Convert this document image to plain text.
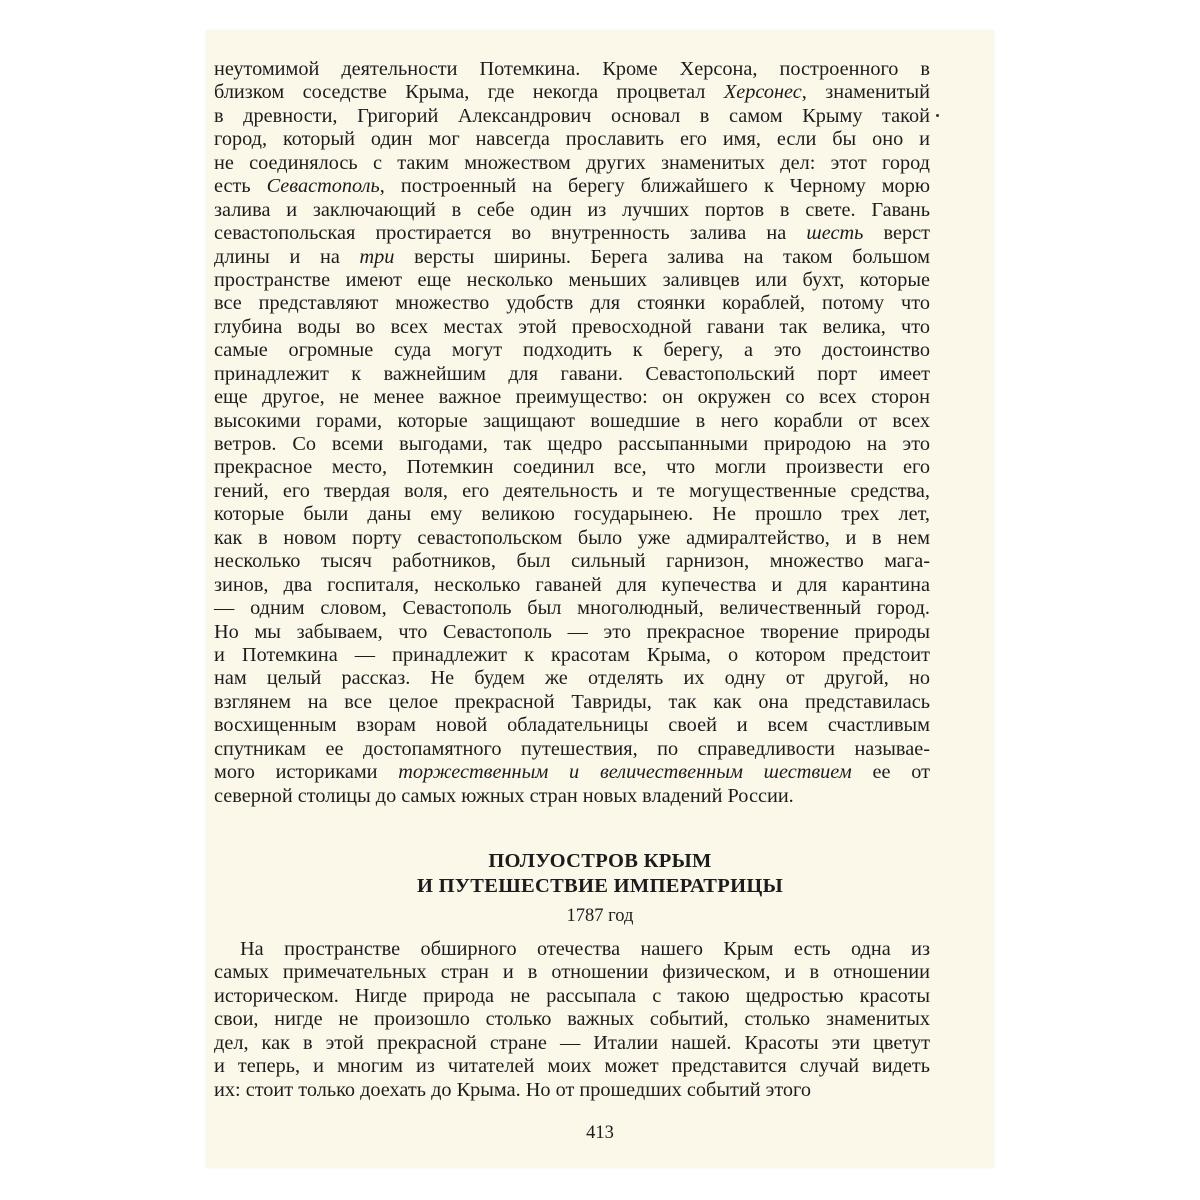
неутомимой деятельности Потемкина. Кроме Херсона, построенного в
близком соседстве Крыма, где некогда процветал Херсонес, знаменитый
в древности, Григорий Александрович основал в самом Крыму такой
город, который один мог навсегда прославить его имя, если бы оно и
не соединялось с таким множеством других знаменитых дел: этот город
есть Севастополь, построенный на берегу ближайшего к Черному морю
залива и заключающий в себе один из лучших портов в свете. Гавань
севастопольская простирается во внутренность залива на шесть верст
длины и на три версты ширины. Берега залива на таком большом
пространстве имеют еще несколько меньших заливцев или бухт, которые
все представляют множество удобств для стоянки кораблей, потому что
глубина воды во всех местах этой превосходной гавани так велика, что
самые огромные суда могут подходить к берегу, а это достоинство
принадлежит к важнейшим для гавани. Севастопольский порт имеет
еще другое, не менее важное преимущество: он окружен со всех сторон
высокими горами, которые защищают вошедшие в него корабли от всех
ветров. Со всеми выгодами, так щедро рассыпанными природою на это
прекрасное место, Потемкин соединил все, что могли произвести его
гений, его твердая воля, его деятельность и те могущественные средства,
которые были даны ему великою государынею. Не прошло трех лет,
как в новом порту севастопольском было уже адмиралтейство, и в нем
несколько тысяч работников, был сильный гарнизон, множество мага-
зинов, два госпиталя, несколько гаваней для купечества и для карантина
— одним словом, Севастополь был многолюдный, величественный город.
Но мы забываем, что Севастополь — это прекрасное творение природы
и Потемкина — принадлежит к красотам Крыма, о котором предстоит
нам целый рассказ. Не будем же отделять их одну от другой, но
взглянем на все целое прекрасной Тавриды, так как она представилась
восхищенным взорам новой обладательницы своей и всем счастливым
спутникам ее достопамятного путешествия, по справедливости называе-
мого историками торжественным и величественным шествием ее от
северной столицы до самых южных стран новых владений России.
ПОЛУОСТРОВ КРЫМ
И ПУТЕШЕСТВИЕ ИМПЕРАТРИЦЫ
1787 год
На пространстве обширного отечества нашего Крым есть одна из
самых примечательных стран и в отношении физическом, и в отношении
историческом. Нигде природа не рассыпала с такою щедростью красоты
свои, нигде не произошло столько важных событий, столько знаменитых
дел, как в этой прекрасной стране — Италии нашей. Красоты эти цветут
и теперь, и многим из читателей моих может представится случай видеть
их: стоит только доехать до Крыма. Но от прошедших событий этого
413
